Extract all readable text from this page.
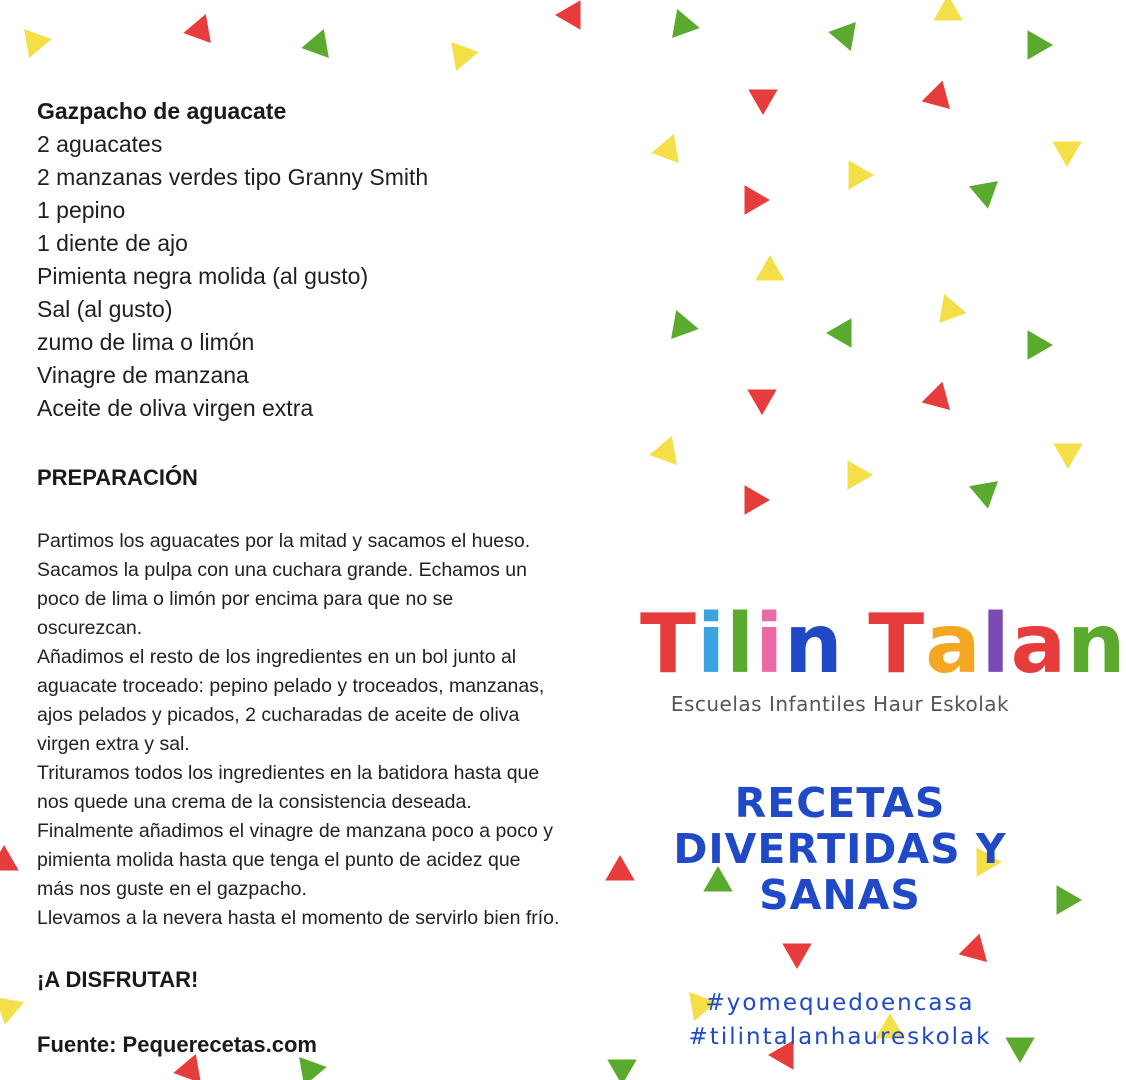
Gazpacho de aguacate

2 aguacates
2 manzanas verdes tipo Granny Smith
1 pepino
1 diente de ajo
Pimienta negra molida (al gusto)
Sal (al gusto)
zumo de lima o limón
Vinagre de manzana
Aceite de oliva virgen extra

PREPARACIÓN

Partimos los aguacates por la mitad y sacamos el hueso.
Sacamos la pulpa con una cuchara grande. Echamos un
poco de lima o limón por encima para que no se
oscurezcan.
Añadimos el resto de los ingredientes en un bol junto al
aguacate troceado: pepino pelado y troceados, manzanas,
ajos pelados y picados, 2 cucharadas de aceite de oliva
virgen extra y sal.
Trituramos todos los ingredientes en la batidora hasta que
nos quede una crema de la consistencia deseada.
Finalmente añadimos el vinagre de manzana poco a poco y
pimienta molida hasta que tenga el punto de acidez que
más nos guste en el gazpacho.
Llevamos a la nevera hasta el momento de servirlo bien frío.

¡A DISFRUTAR!

Fuente: Pequerecetas.com

Tilin Talan

Escuelas Infantiles Haur Eskolak
RECETAS
DIVERTIDAS Y
SANAS
#yomequedoencasa
#tilintalanhaureskolak
